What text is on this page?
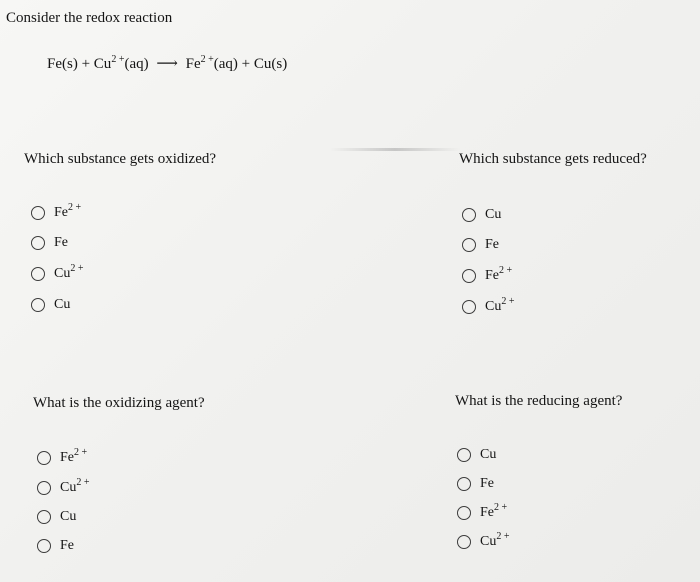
Consider the redox reaction
$Fe(s) + Cu^{2 +}(aq)$ ⟶ $Fe^{2 +}(aq) + Cu(s)$
Which substance gets oxidized?
$Fe^{2 +}$
Fe
$Cu^{2 +}$
Cu
Which substance gets reduced?
Cu
Fe
$Fe^{2 +}$
$Cu^{2 +}$
What is the oxidizing agent?
$Fe^{2 +}$
$Cu^{2 +}$
Cu
Fe
What is the reducing agent?
Cu
Fe
$Fe^{2 +}$
$Cu^{2 +}$
